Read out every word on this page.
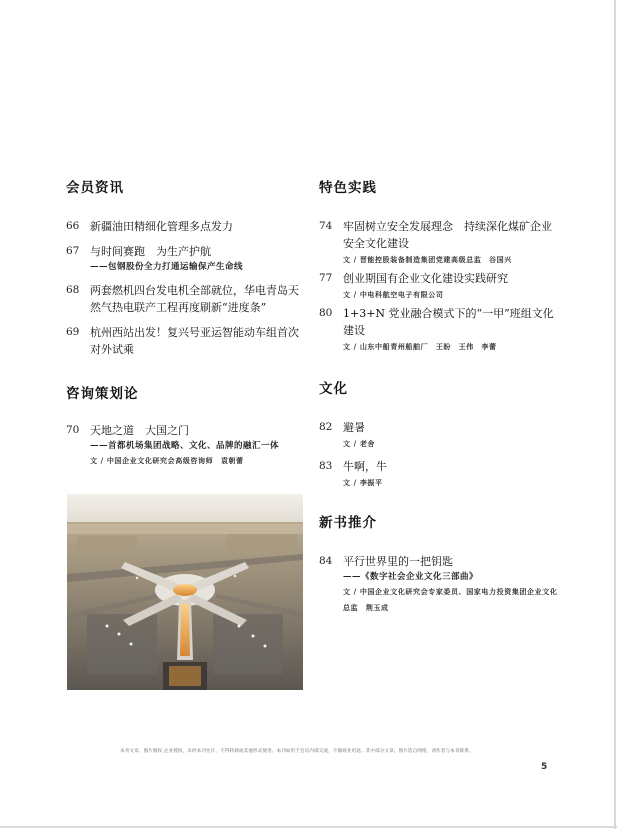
会员资讯
66 新疆油田精细化管理多点发力
67 与时间赛跑　为生产护航
——包钢股份全力打通运输保产生命线
68 两套燃机四台发电机全部就位，华电青岛天然气热电联产工程再度刷新“进度条”
69 杭州西站出发！复兴号亚运智能动车组首次对外试乘
咨询策划论
70 天地之道　大国之门
——首都机场集团战略、文化、品牌的融汇一体
文 / 中国企业文化研究会高级咨询师　袁朝蕾
特色实践
74 牢固树立安全发展理念　持续深化煤矿企业安全文化建设
文 / 晋能控股装备制造集团党建高级总监　谷国兴
77 创业期国有企业文化建设实践研究
文 / 中电科航空电子有限公司
80 1+3+N 党业融合模式下的“一甲”班组文化建设
文 / 山东中船青州船舶厂　王盼　王伟　李蕾
文化
82 避暑
文 / 老舍
83 牛啊，牛
文 / 李振平
新书推介
84 平行世界里的一把钥匙
——《数字社会企业文化三部曲》
文 / 中国企业文化研究会专家委员、国家电力投资集团企业文化总监　荆玉成
本刊文章、图片版权 企业授权，未经本刊允许，不得转载或其他形式使用。本刊如用于会员内部交流，不做商业用途。其中部分文章、图片选自网络，请作者与本刊联系。
5
